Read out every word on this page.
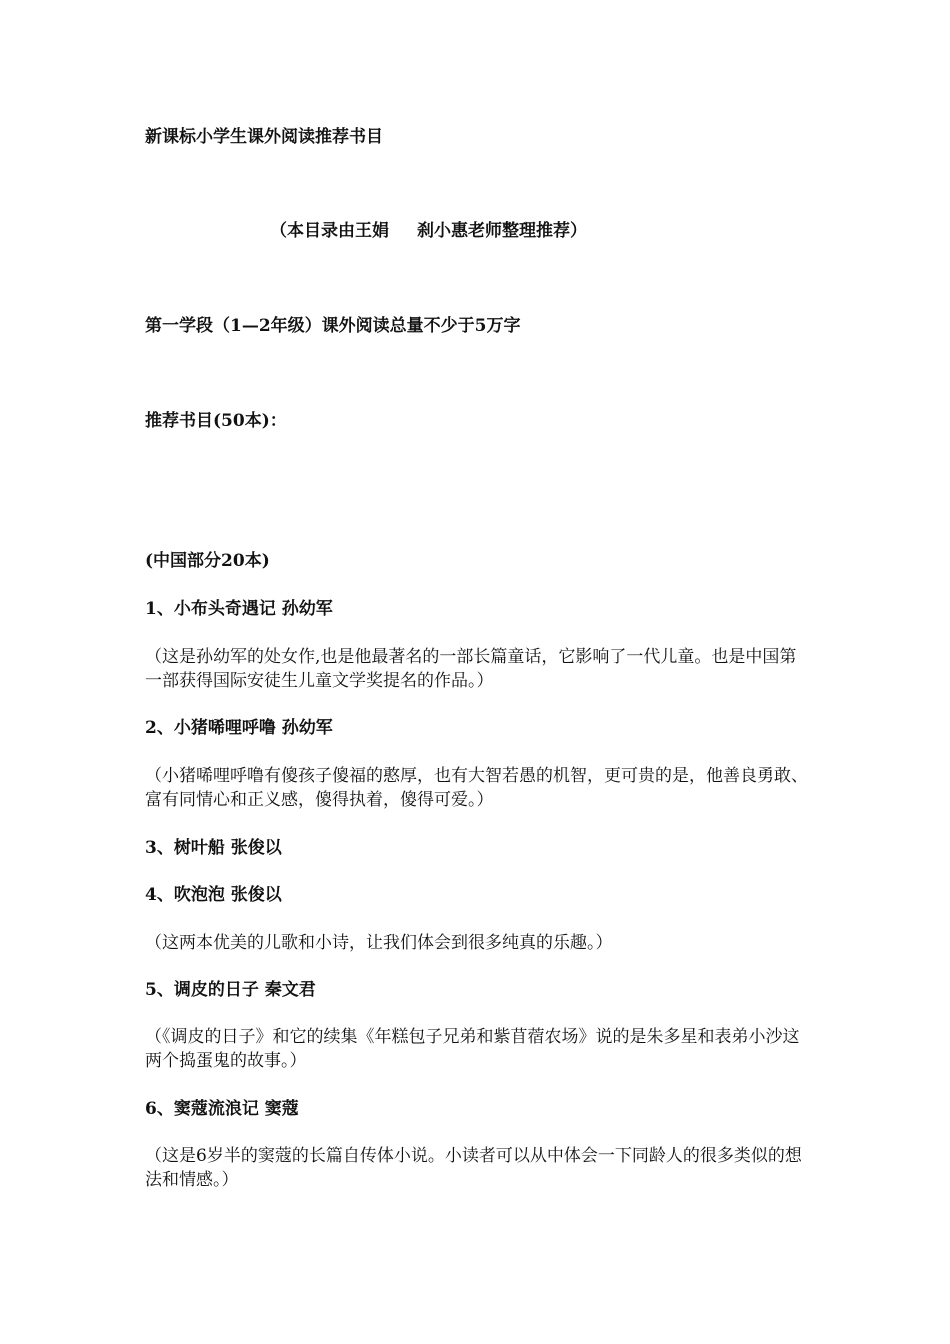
新课标小学生课外阅读推荐书目

（本目录由王娟 刹小惠老师整理推荐）

第一学段（1—2年级）课外阅读总量不少于5万字

推荐书目(50本)：

(中国部分20本)

1、小布头奇遇记 孙幼军

（这是孙幼军的处女作,也是他最著名的一部长篇童话，它影响了一代儿童。也是中国第一部获得国际安徒生儿童文学奖提名的作品。）

2、小猪唏哩呼噜 孙幼军

（小猪唏哩呼噜有傻孩子傻福的憨厚，也有大智若愚的机智，更可贵的是，他善良勇敢、富有同情心和正义感，傻得执着，傻得可爱。）

3、树叶船 张俊以

4、吹泡泡 张俊以

（这两本优美的儿歌和小诗，让我们体会到很多纯真的乐趣。）

5、调皮的日子 秦文君

（《调皮的日子》和它的续集《年糕包子兄弟和紫苜蓿农场》说的是朱多星和表弟小沙这两个捣蛋鬼的故事。）

6、窦蔻流浪记 窦蔻

（这是6岁半的窦蔻的长篇自传体小说。小读者可以从中体会一下同龄人的很多类似的想法和情感。）
